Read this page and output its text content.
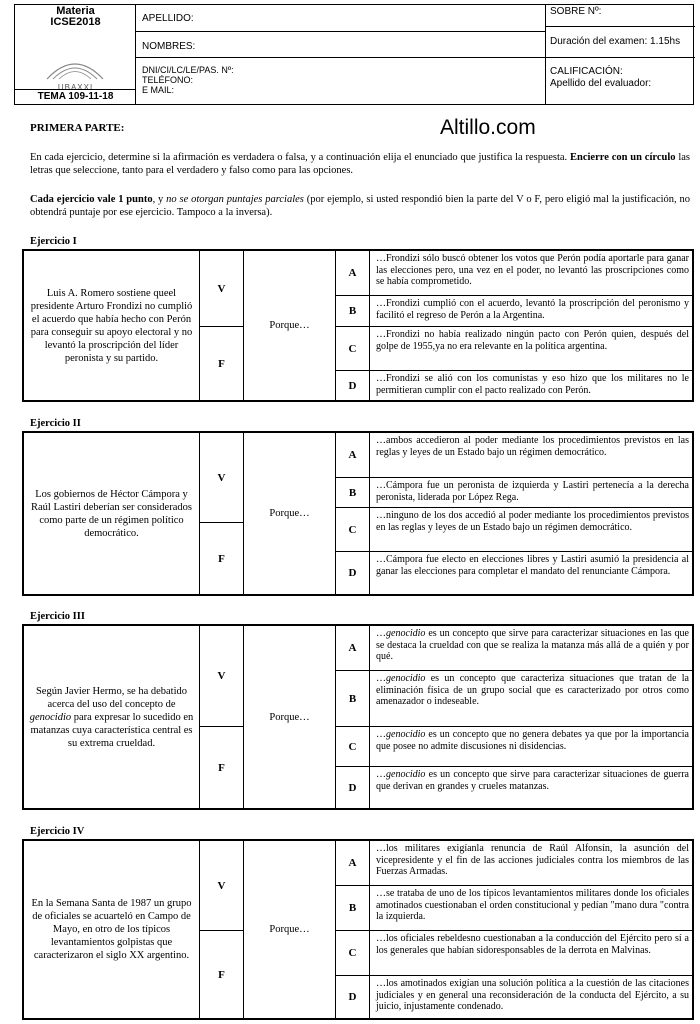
Materia
ICSE2018
UBAXXI
TEMA 109-11-18
APELLIDO:
NOMBRES:
DNI/CI/LC/LE/PAS. Nº:
TELÉFONO:
E MAIL:
SOBRE Nº:
Duración del examen: 1.15hs
CALIFICACIÓN:
Apellido del evaluador:
Altillo.com
PRIMERA PARTE:
En cada ejercicio, determine si la afirmación es verdadera o falsa, y a continuación elija el enunciado que justifica la respuesta. Encierre con un círculo las letras que seleccione, tanto para el verdadero y falso como para las opciones.
Cada ejercicio vale 1 punto, y no se otorgan puntajes parciales (por ejemplo, si usted respondió bien la parte del V o F, pero eligió mal la justificación, no obtendrá puntaje por ese ejercicio. Tampoco a la inversa).
Ejercicio I
Luis A. Romero sostiene queel presidente Arturo Frondizi no cumplió el acuerdo que había hecho con Perón para conseguir su apoyo electoral y no levantó la proscripción del líder peronista y su partido.
V
F
Porque…
A
…Frondizi sólo buscó obtener los votos que Perón podía aportarle para ganar las elecciones pero, una vez en el poder, no levantó las proscripciones como se había comprometido.
B
…Frondizi cumplió con el acuerdo, levantó la proscripción del peronismo y facilitó el regreso de Perón a la Argentina.
C
…Frondizi no había realizado ningún pacto con Perón quien, después del golpe de 1955,ya no era relevante en la política argentina.
D
…Frondizi se alió con los comunistas y eso hizo que los militares no le permitieran cumplir con el pacto realizado con Perón.
Ejercicio II
Los gobiernos de Héctor Cámpora y Raúl Lastiri deberían ser considerados como parte de un régimen político democrático.
V
F
Porque…
A
…ambos accedieron al poder mediante los procedimientos previstos en las reglas y leyes de un Estado bajo un régimen democrático.
B
…Cámpora fue un peronista de izquierda y Lastiri pertenecía a la derecha peronista, liderada por López Rega.
C
…ninguno de los dos accedió al poder mediante los procedimientos previstos en las reglas y leyes de un Estado bajo un régimen democrático.
D
…Cámpora fue electo en elecciones libres y Lastiri asumió la presidencia al ganar las elecciones para completar el mandato del renunciante Cámpora.
Ejercicio III
Según Javier Hermo, se ha debatido acerca del uso del concepto de genocidio para expresar lo sucedido en matanzas cuya característica central es su extrema crueldad.
V
F
Porque…
A
…genocidio es un concepto que sirve para caracterizar situaciones en las que se destaca la crueldad con que se realiza la matanza más allá de a quién y por qué.
B
…genocidio es un concepto que caracteriza situaciones que tratan de la eliminación física de un grupo social que es caracterizado por otros como amenazador o indeseable.
C
…genocidio es un concepto que no genera debates ya que por la importancia que posee no admite discusiones ni disidencias.
D
…genocidio es un concepto que sirve para caracterizar situaciones de guerra que derivan en grandes y crueles matanzas.
Ejercicio IV
En la Semana Santa de 1987 un grupo de oficiales se acuarteló en Campo de Mayo, en otro de los típicos levantamientos golpistas que caracterizaron el siglo XX argentino.
V
F
Porque…
A
…los militares exigíanla renuncia de Raúl Alfonsín, la asunción del vicepresidente y el fin de las acciones judiciales contra los miembros de las Fuerzas Armadas.
B
…se trataba de uno de los típicos levantamientos militares donde los oficiales amotinados cuestionaban el orden constitucional y pedían "mano dura "contra la izquierda.
C
…los oficiales rebeldesno cuestionaban a la conducción del Ejército pero sí a los generales que habían sidoresponsables de la derrota en Malvinas.
D
…los amotinados exigían una solución política a la cuestión de las citaciones judiciales y en general una reconsideración de la conducta del Ejército, a su juicio, injustamente condenado.
